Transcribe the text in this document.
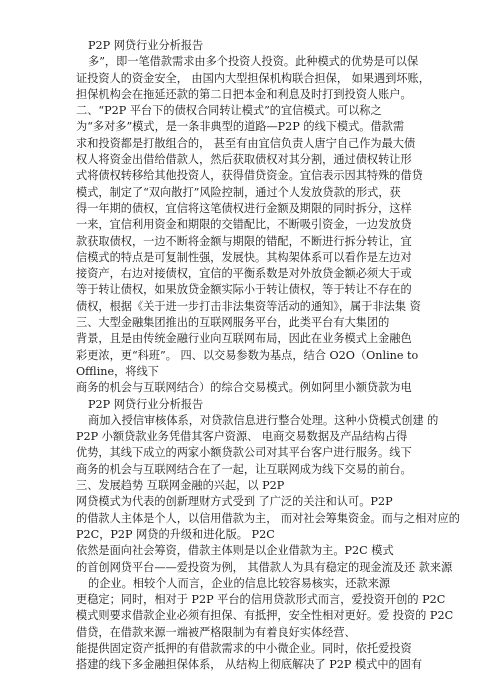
P2P 网贷行业分析报告
多”，即一笔借款需求由多个投资人投资。此种模式的优势是可以保
证投资人的资金安全， 由国内大型担保机构联合担保， 如果遇到坏账，
担保机构会在拖延还款的第二日把本金和利息及时打到投资人账户。
二、“P2P 平台下的债权合同转让模式”的宜信模式。可以称之
为“多对多”模式，是一条非典型的道路—P2P 的线下模式。借款需
求和投资都是打散组合的， 甚至有由宜信负责人唐宁自己作为最大债
权人将资金出借给借款人，然后获取债权对其分割，通过债权转让形
式将债权转移给其他投资人，获得借贷资金。宜信表示因其特殊的借贷
模式，制定了“双向散打”风险控制，通过个人发放贷款的形式，获
得一年期的债权，宜信将这笔债权进行金额及期限的同时拆分，这样
一来，宜信利用资金和期限的交错配比，不断吸引资金，一边发放贷
款获取债权，一边不断将金额与期限的错配，不断进行拆分转让，宜
信模式的特点是可复制性强，发展快。其构架体系可以看作是左边对
接资产，右边对接债权，宜信的平衡系数是对外放贷金额必须大于或
等于转让债权，如果放贷金额实际小于转让债权，等于转让不存在的
债权，根据《关于进一步打击非法集资等活动的通知》，属于非法集 资
三、大型金融集团推出的互联网服务平台，此类平台有大集团的
背景，且是由传统金融行业向互联网布局，因此在业务模式上金融色
彩更浓，更“科班”。 四、以交易参数为基点，结合 O2O（Online to
Offline，将线下
商务的机会与互联网结合）的综合交易模式。例如阿里小额贷款为电
P2P 网贷行业分析报告
商加入授信审核体系，对贷款信息进行整合处理。这种小贷模式创建 的
P2P 小额贷款业务凭借其客户资源、 电商交易数据及产品结构占得
优势，其线下成立的两家小额贷款公司对其平台客户进行服务。线下
商务的机会与互联网结合在了一起，让互联网成为线下交易的前台。
三、发展趋势 互联网金融的兴起，以 P2P
网贷模式为代表的创新理财方式受到 了广泛的关注和认可。P2P
的借款人主体是个人，以信用借款为主， 而对社会筹集资金。而与之相对应的
P2C，P2P 网贷的升级和进化版。 P2C
依然是面向社会筹资，借款主体则是以企业借款为主。P2C 模式
的首创网贷平台——爱投资为例， 其借款人为具有稳定的现金流及还 款来源
的企业。相较个人而言，企业的信息比较容易核实，还款来源
更稳定；同时，相对于 P2P 平台的信用贷款形式而言，爱投资开创的 P2C
模式则要求借款企业必须有担保、有抵押，安全性相对更好。爱 投资的 P2C
借贷，在借款来源一端被严格限制为有着良好实体经营、
能提供固定资产抵押的有借款需求的中小微企业。同时，依托爱投资
搭建的线下多金融担保体系， 从结构上彻底解决了 P2P 模式中的固有
